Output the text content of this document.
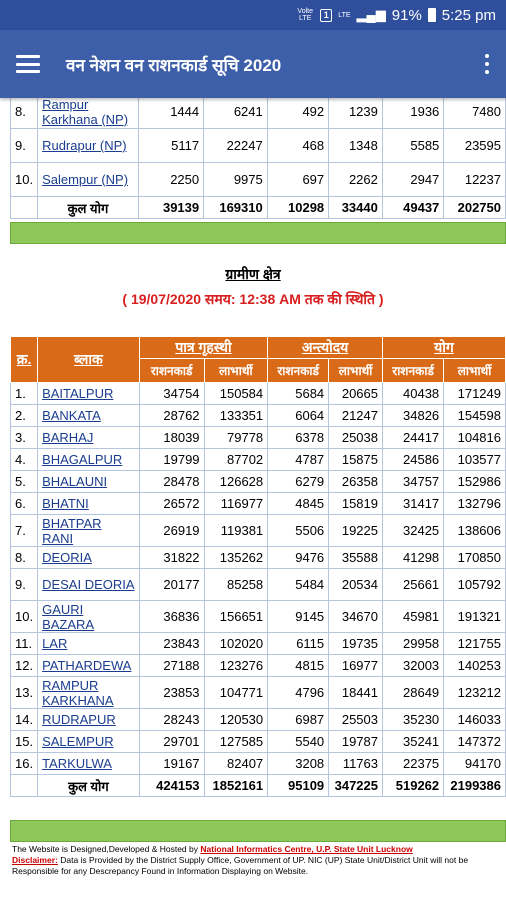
Volte LTE	1	LTE ▂▄▆ 91% 5:25 pm
वन नेशन वन राशनकार्ड सूचि 2020
8.	Rampur Karkhana (NP)	1444	6241	492	1239	1936	7480
9.	Rudrapur (NP)	5117	22247	468	1348	5585	23595
10.	Salempur (NP)	2250	9975	697	2262	2947	12237
	कुल योग	39139	169310	10298	33440	49437	202750
ग्रामीण क्षेत्र
( 19/07/2020 समय: 12:38 AM तक की स्थिति )
क्र.	ब्लाक	पात्र गृहस्थी		अन्त्योदय		योग	
		राशनकार्ड	लाभार्थी	राशनकार्ड	लाभार्थी	राशनकार्ड	लाभार्थी
1.	BAITALPUR	34754	150584	5684	20665	40438	171249
2.	BANKATA	28762	133351	6064	21247	34826	154598
3.	BARHAJ	18039	79778	6378	25038	24417	104816
4.	BHAGALPUR	19799	87702	4787	15875	24586	103577
5.	BHALAUNI	28478	126628	6279	26358	34757	152986
6.	BHATNI	26572	116977	4845	15819	31417	132796
7.	BHATPAR RANI	26919	119381	5506	19225	32425	138606
8.	DEORIA	31822	135262	9476	35588	41298	170850
9.	DESAI DEORIA	20177	85258	5484	20534	25661	105792
10.	GAURI BAZARA	36836	156651	9145	34670	45981	191321
11.	LAR	23843	102020	6115	19735	29958	121755
12.	PATHARDEWA	27188	123276	4815	16977	32003	140253
13.	RAMPUR KARKHANA	23853	104771	4796	18441	28649	123212
14.	RUDRAPUR	28243	120530	6987	25503	35230	146033
15.	SALEMPUR	29701	127585	5540	19787	35241	147372
16.	TARKULWA	19167	82407	3208	11763	22375	94170
	कुल योग	424153	1852161	95109	347225	519262	2199386
The Website is Designed,Developed & Hosted by National Informatics Centre, U.P. State Unit Lucknow
Disclaimer: Data is Provided by the District Supply Office, Government of UP. NIC (UP) State Unit/District Unit will not be Responsible for any Descrepancy Found in Information Displaying on Website.
